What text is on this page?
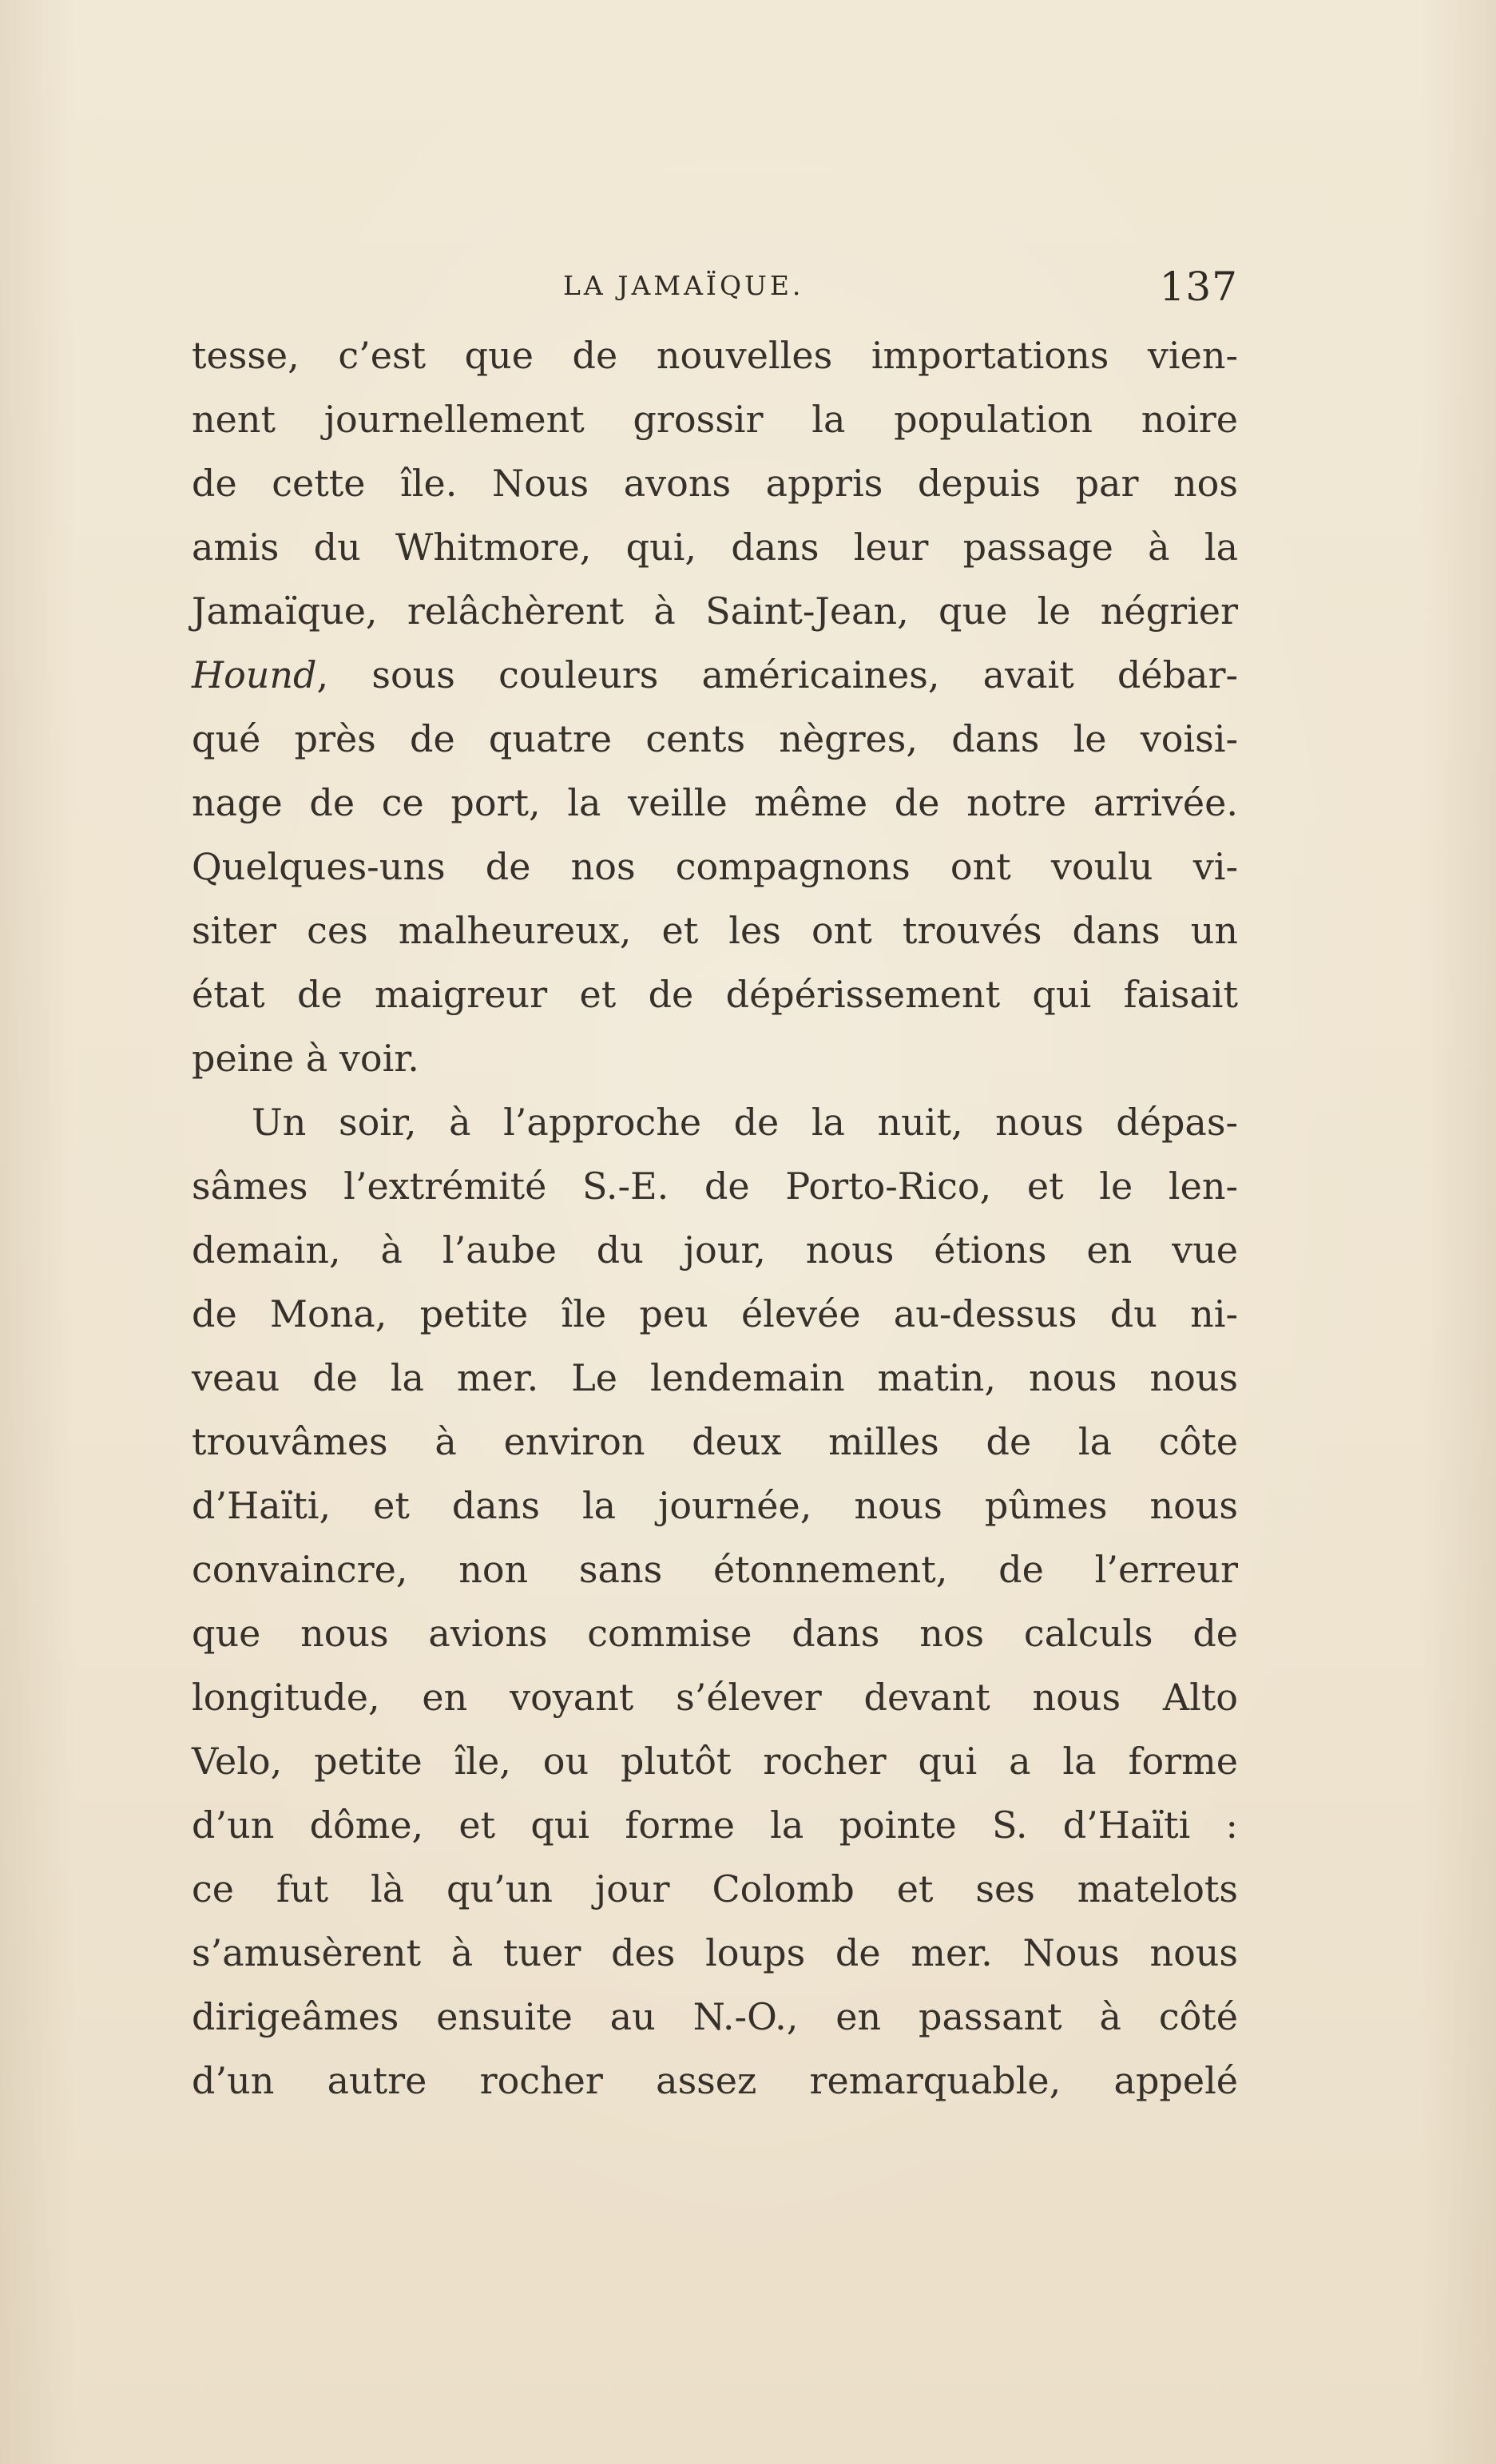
LA JAMAÏQUE.	137
tesse, c’est que de nouvelles importations vien-
nent journellement grossir la population noire
de cette île. Nous avons appris depuis par nos
amis du Whitmore, qui, dans leur passage à la
Jamaïque, relâchèrent à Saint-Jean, que le négrier
Hound, sous couleurs américaines, avait débar-
qué près de quatre cents nègres, dans le voisi-
nage de ce port, la veille même de notre arrivée.
Quelques-uns de nos compagnons ont voulu vi-
siter ces malheureux, et les ont trouvés dans un
état de maigreur et de dépérissement qui faisait
peine à voir.
Un soir, à l’approche de la nuit, nous dépas-
sâmes l’extrémité S.-E. de Porto-Rico, et le len-
demain, à l’aube du jour, nous étions en vue
de Mona, petite île peu élevée au-dessus du ni-
veau de la mer. Le lendemain matin, nous nous
trouvâmes à environ deux milles de la côte
d’Haïti, et dans la journée, nous pûmes nous
convaincre, non sans étonnement, de l’erreur
que nous avions commise dans nos calculs de
longitude, en voyant s’élever devant nous Alto
Velo, petite île, ou plutôt rocher qui a la forme
d’un dôme, et qui forme la pointe S. d’Haïti :
ce fut là qu’un jour Colomb et ses matelots
s’amusèrent à tuer des loups de mer. Nous nous
dirigeâmes ensuite au N.-O., en passant à côté
d’un autre rocher assez remarquable, appelé
